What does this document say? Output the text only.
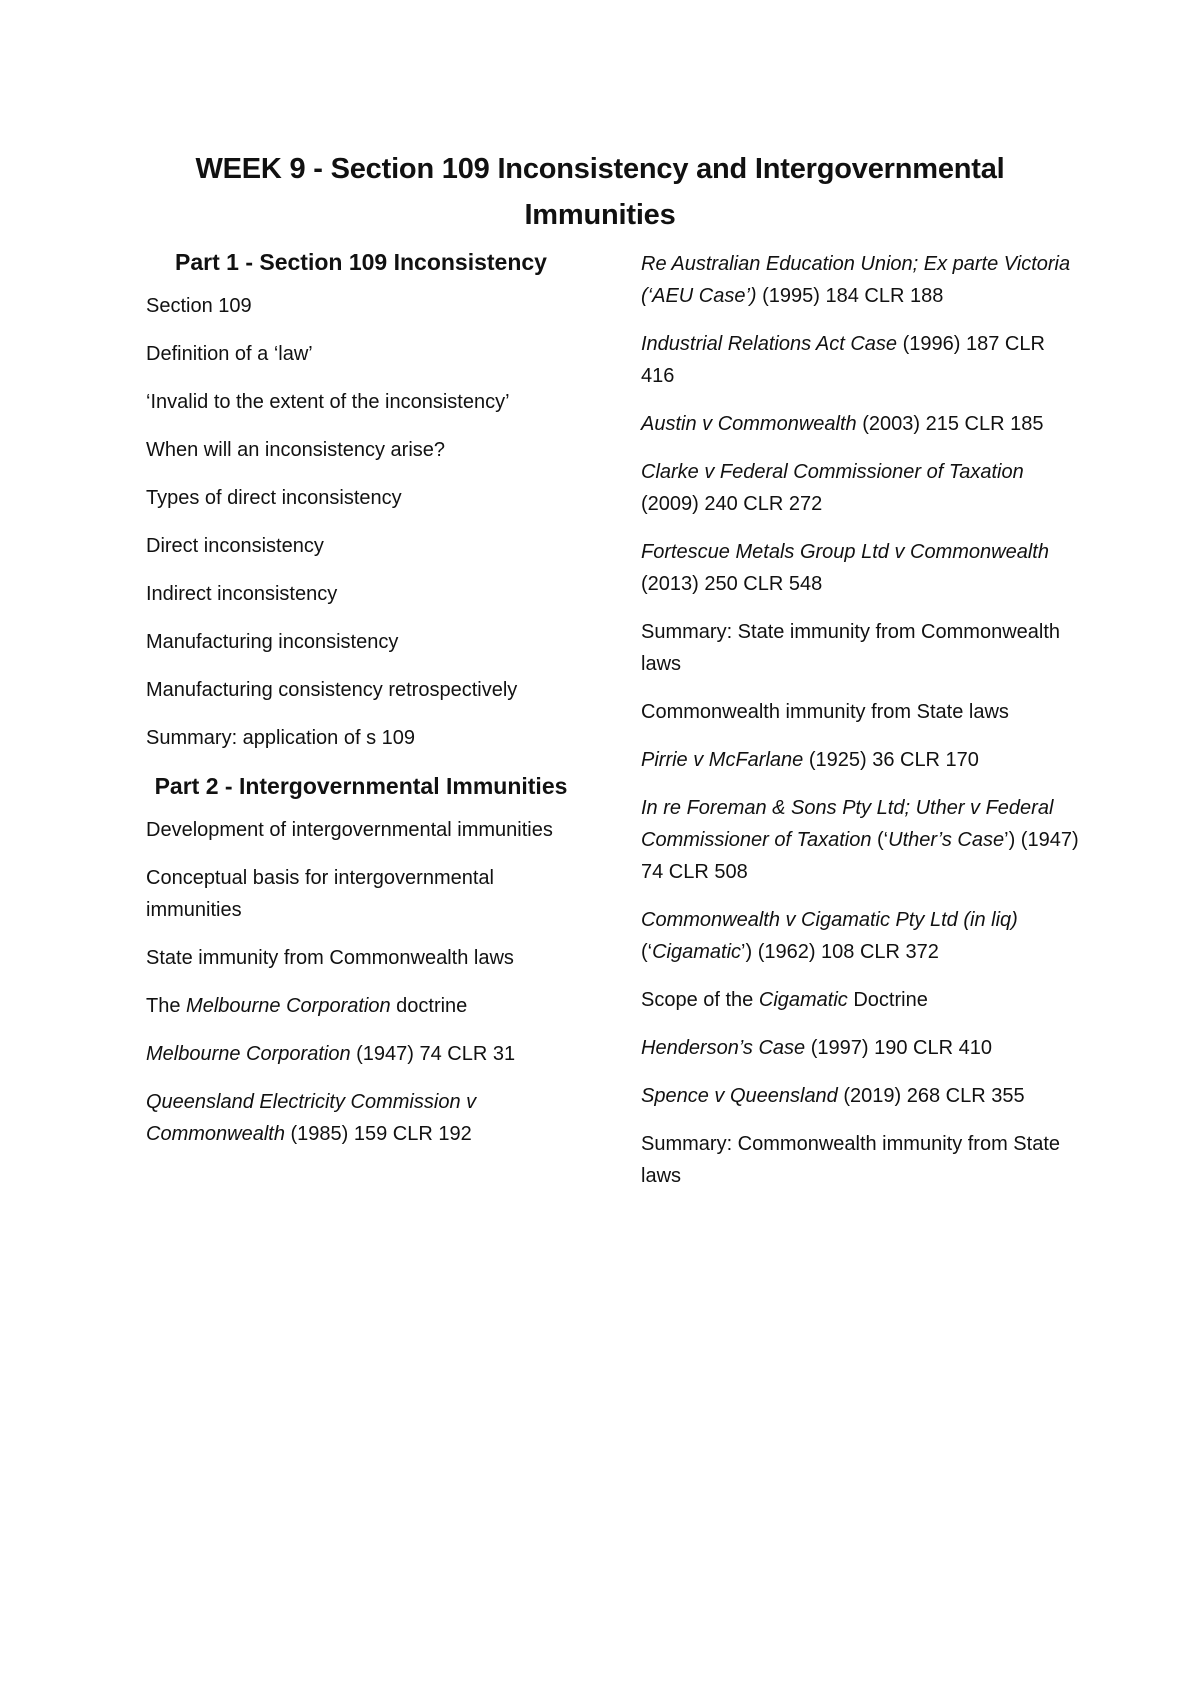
WEEK 9 - Section 109 Inconsistency and Intergovernmental Immunities
Part 1 - Section 109 Inconsistency
Section 109
Definition of a ‘law’
‘Invalid to the extent of the inconsistency’
When will an inconsistency arise?
Types of direct inconsistency
Direct inconsistency
Indirect inconsistency
Manufacturing inconsistency
Manufacturing consistency retrospectively
Summary: application of s 109
Part 2 - Intergovernmental Immunities
Development of intergovernmental immunities
Conceptual basis for intergovernmental immunities
State immunity from Commonwealth laws
The Melbourne Corporation doctrine
Melbourne Corporation (1947) 74 CLR 31
Queensland Electricity Commission v Commonwealth (1985) 159 CLR 192
Re Australian Education Union; Ex parte Victoria (‘AEU Case’) (1995) 184 CLR 188
Industrial Relations Act Case (1996) 187 CLR 416
Austin v Commonwealth (2003) 215 CLR 185
Clarke v Federal Commissioner of Taxation (2009) 240 CLR 272
Fortescue Metals Group Ltd v Commonwealth (2013) 250 CLR 548
Summary: State immunity from Commonwealth laws
Commonwealth immunity from State laws
Pirrie v McFarlane (1925) 36 CLR 170
In re Foreman & Sons Pty Ltd; Uther v Federal Commissioner of Taxation (‘Uther’s Case’) (1947) 74 CLR 508
Commonwealth v Cigamatic Pty Ltd (in liq) (‘Cigamatic’) (1962) 108 CLR 372
Scope of the Cigamatic Doctrine
Henderson’s Case (1997) 190 CLR 410
Spence v Queensland (2019) 268 CLR 355
Summary: Commonwealth immunity from State laws
